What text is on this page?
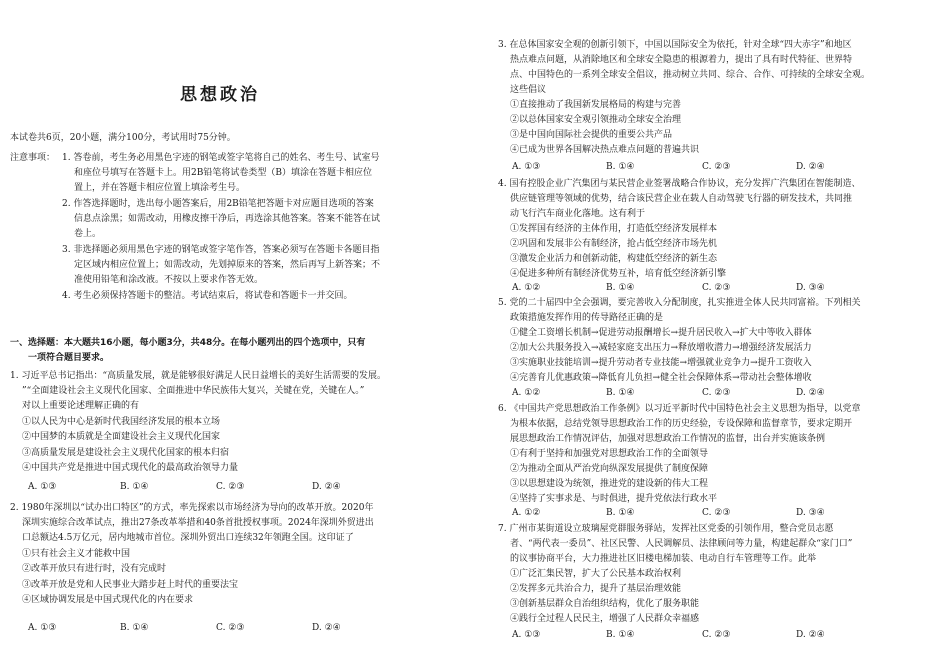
思想政治
本试卷共6页，20小题，满分100分，考试用时75分钟。
注意事项： 1. 答卷前，考生务必用黑色字迹的钢笔或签字笔将自己的姓名、考生号、试室号
和座位号填写在答题卡上。用2B铅笔将试卷类型（B）填涂在答题卡相应位
置上，并在答题卡相应位置上填涂考生号。
2. 作答选择题时，选出每小题答案后，用2B铅笔把答题卡对应题目选项的答案
信息点涂黑；如需改动，用橡皮擦干净后，再选涂其他答案。答案不能答在试
卷上。
3. 非选择题必须用黑色字迹的钢笔或签字笔作答，答案必须写在答题卡各题目指
定区域内相应位置上；如需改动，先划掉原来的答案，然后再写上新答案；不
准使用铅笔和涂改液。不按以上要求作答无效。
4. 考生必须保持答题卡的整洁。考试结束后，将试卷和答题卡一并交回。
一、选择题：本大题共16小题，每小题3分，共48分。在每小题列出的四个选项中，只有
一项符合题目要求。
1. 习近平总书记指出：“高质量发展，就是能够很好满足人民日益增长的美好生活需要的发展。
”“全面建设社会主义现代化国家、全面推进中华民族伟大复兴，关键在党，关键在人。”
对以上重要论述理解正确的有
①以人民为中心是新时代我国经济发展的根本立场
②中国梦的本质就是全面建设社会主义现代化国家
③高质量发展是建设社会主义现代化国家的根本归宿
④中国共产党是推进中国式现代化的最高政治领导力量
A. ①③	B. ①④	C. ②③	D. ②④
2. 1980年深圳以“试办出口特区”的方式，率先探索以市场经济为导向的改革开放。2020年
深圳实施综合改革试点，推出27条改革举措和40条首批授权事项。2024年深圳外贸进出
口总额达4.5万亿元，居内地城市首位。深圳外贸出口连续32年领跑全国。这印证了
①只有社会主义才能救中国
②改革开放只有进行时，没有完成时
③改革开放是党和人民事业大踏步赶上时代的重要法宝
④区域协调发展是中国式现代化的内在要求
A. ①③	B. ①④	C. ②③	D. ②④
3. 在总体国家安全观的创新引领下，中国以国际安全为依托，针对全球“四大赤字”和地区
热点难点问题，从消除地区和全球安全隐患的根源着力，提出了具有时代特征、世界特
点、中国特色的一系列全球安全倡议，推动树立共同、综合、合作、可持续的全球安全观。
这些倡议
①直接推动了我国新发展格局的构建与完善
②以总体国家安全观引领推动全球安全治理
③是中国向国际社会提供的重要公共产品
④已成为世界各国解决热点难点问题的普遍共识
A. ①③	B. ①④	C. ②③	D. ②④
4. 国有控股企业广汽集团与某民营企业签署战略合作协议，充分发挥广汽集团在智能制造、
供应链管理等领域的优势，结合该民营企业在载人自动驾驶飞行器的研发技术，共同推
动飞行汽车商业化落地。这有利于
①发挥国有经济的主体作用，打造低空经济发展样本
②巩固和发展非公有制经济，抢占低空经济市场先机
③激发企业活力和创新动能，构建低空经济的新生态
④促进多种所有制经济优势互补，培育低空经济新引擎
A. ①②	B. ①④	C. ②③	D. ③④
5. 党的二十届四中全会强调，要完善收入分配制度，扎实推进全体人民共同富裕。下列相关
政策措施发挥作用的传导路径正确的是
①健全工资增长机制→促进劳动报酬增长→提升居民收入→扩大中等收入群体
②加大公共服务投入→减轻家庭支出压力→释放增收潜力→增强经济发展活力
③实施职业技能培训→提升劳动者专业技能→增强就业竞争力→提升工资收入
④完善育儿优惠政策→降低育儿负担→健全社会保障体系→带动社会整体增收
A. ①②	B. ①④	C. ②③	D. ②④
6. 《中国共产党思想政治工作条例》以习近平新时代中国特色社会主义思想为指导，以党章
为根本依据，总结党领导思想政治工作的历史经验，专设保障和监督章节，要求定期开
展思想政治工作情况评估，加强对思想政治工作情况的监督，出台并实施该条例
①有利于坚持和加强党对思想政治工作的全面领导
②为推动全面从严治党向纵深发展提供了制度保障
③以思想建设为统领，推进党的建设新的伟大工程
④坚持了实事求是、与时俱进，提升党依法行政水平
A. ①②	B. ①④	C. ②③	D. ③④
7. 广州市某街道设立玻璃屋党群服务驿站，发挥社区党委的引领作用，整合党员志愿
者、“两代表一委员”、社区民警、人民调解员、法律顾问等力量，构建起群众“家门口”
的议事协商平台，大力推进社区旧楼电梯加装、电动自行车管理等工作。此举
①广泛汇集民智，扩大了公民基本政治权利
②发挥多元共治合力，提升了基层治理效能
③创新基层群众自治组织结构，优化了服务职能
④践行全过程人民民主，增强了人民群众幸福感
A. ①③	B. ①④	C. ②③	D. ②④
